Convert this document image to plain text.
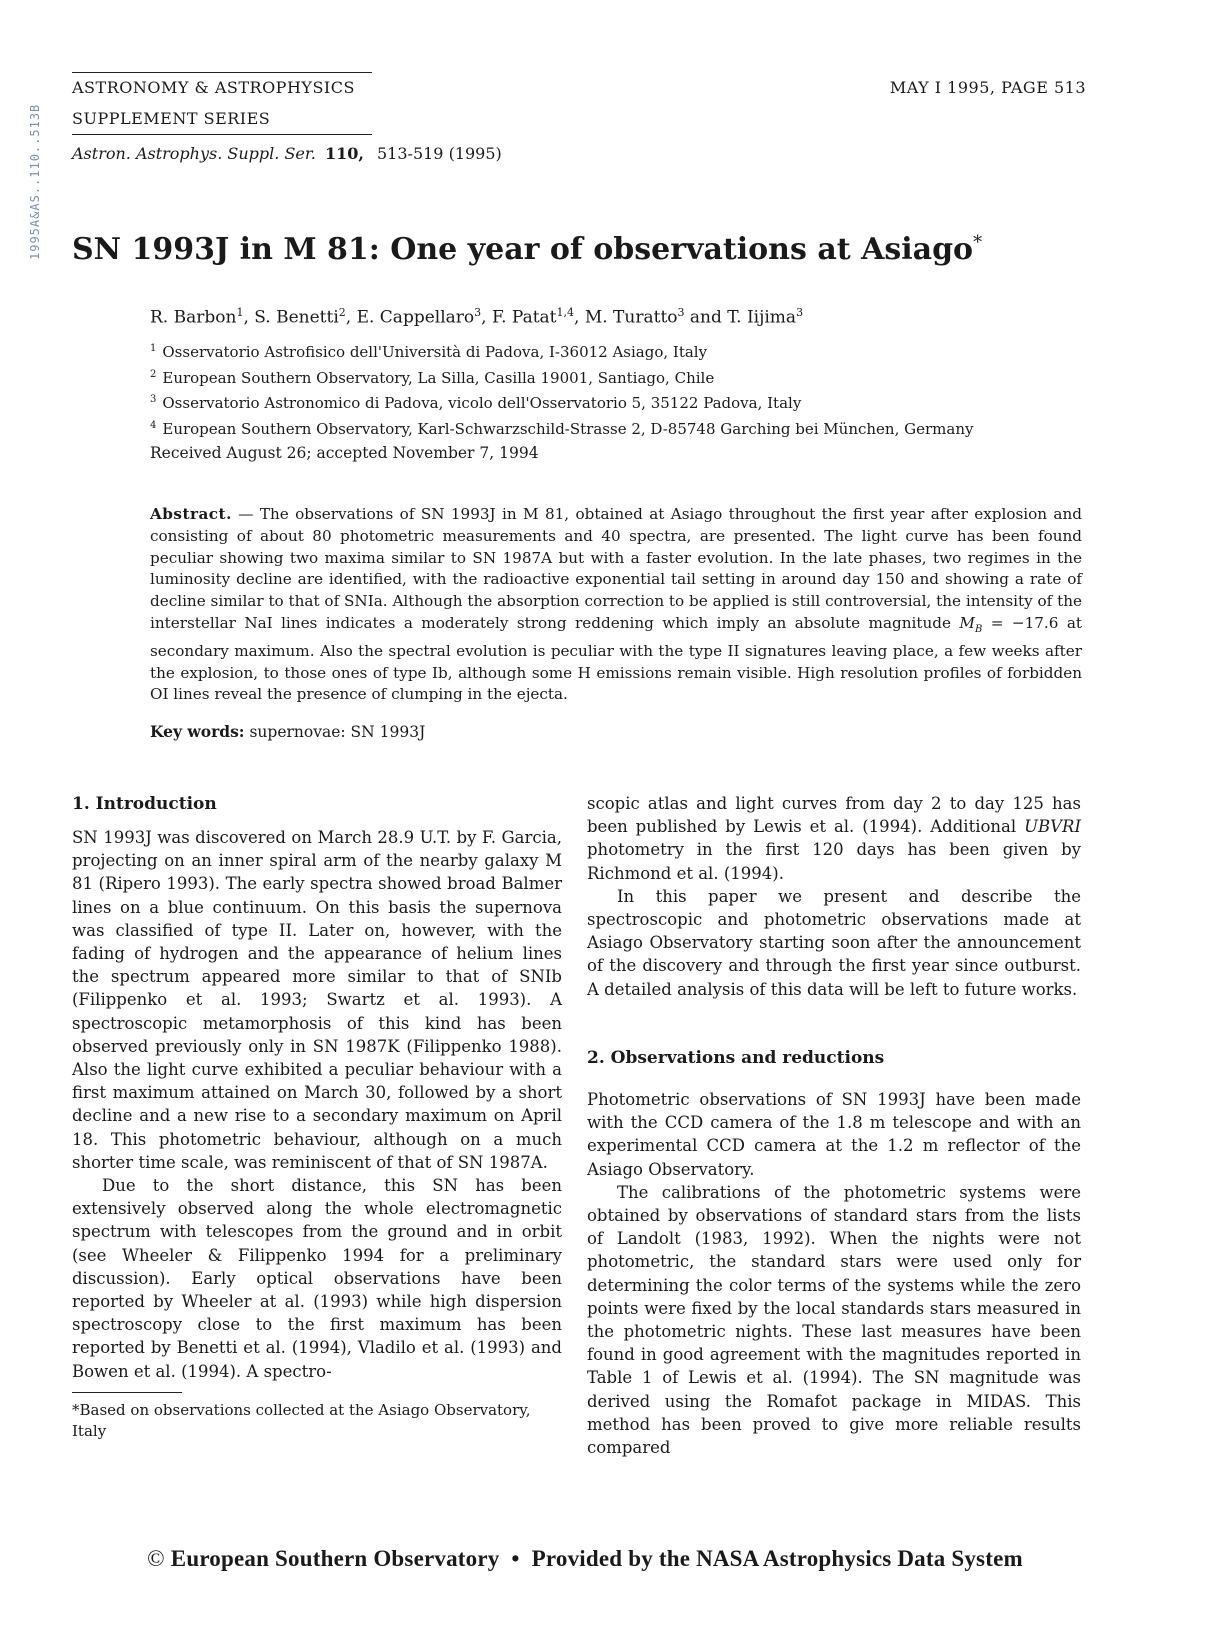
1995A&AS..110..513B
ASTRONOMY & ASTROPHYSICS
SUPPLEMENT SERIES
MAY I 1995, PAGE 513
Astron. Astrophys. Suppl. Ser. 110, 513-519 (1995)
SN 1993J in M 81: One year of observations at Asiago*
R. Barbon$^1$, S. Benetti$^2$, E. Cappellaro$^3$, F. Patat$^{1,4}$, M. Turatto$^3$ and T. Iijima$^3$
$^1$ Osservatorio Astrofisico dell'Università di Padova, I-36012 Asiago, Italy
$^2$ European Southern Observatory, La Silla, Casilla 19001, Santiago, Chile
$^3$ Osservatorio Astronomico di Padova, vicolo dell'Osservatorio 5, 35122 Padova, Italy
$^4$ European Southern Observatory, Karl-Schwarzschild-Strasse 2, D-85748 Garching bei München, Germany
Received August 26; accepted November 7, 1994
Abstract. — The observations of SN 1993J in M 81, obtained at Asiago throughout the first year after explosion and consisting of about 80 photometric measurements and 40 spectra, are presented. The light curve has been found peculiar showing two maxima similar to SN 1987A but with a faster evolution. In the late phases, two regimes in the luminosity decline are identified, with the radioactive exponential tail setting in around day 150 and showing a rate of decline similar to that of SNIa. Although the absorption correction to be applied is still controversial, the intensity of the interstellar NaI lines indicates a moderately strong reddening which imply an absolute magnitude $M_B = -17.6$ at secondary maximum. Also the spectral evolution is peculiar with the type II signatures leaving place, a few weeks after the explosion, to those ones of type Ib, although some H emissions remain visible. High resolution profiles of forbidden OI lines reveal the presence of clumping in the ejecta.
Key words: supernovae: SN 1993J
1. Introduction

SN 1993J was discovered on March 28.9 U.T. by F. Garcia, projecting on an inner spiral arm of the nearby galaxy M 81 (Ripero 1993). The early spectra showed broad Balmer lines on a blue continuum. On this basis the supernova was classified of type II. Later on, however, with the fading of hydrogen and the appearance of helium lines the spectrum appeared more similar to that of SNIb (Filippenko et al. 1993; Swartz et al. 1993). A spectroscopic metamorphosis of this kind has been observed previously only in SN 1987K (Filippenko 1988). Also the light curve exhibited a peculiar behaviour with a first maximum attained on March 30, followed by a short decline and a new rise to a secondary maximum on April 18. This photometric behaviour, although on a much shorter time scale, was reminiscent of that of SN 1987A.

Due to the short distance, this SN has been extensively observed along the whole electromagnetic spectrum with telescopes from the ground and in orbit (see Wheeler & Filippenko 1994 for a preliminary discussion). Early optical observations have been reported by Wheeler at al. (1993) while high dispersion spectroscopy close to the first maximum has been reported by Benetti et al. (1994), Vladilo et al. (1993) and Bowen et al. (1994). A spectro-

*Based on observations collected at the Asiago Observatory, Italy

scopic atlas and light curves from day 2 to day 125 has been published by Lewis et al. (1994). Additional UBVRI photometry in the first 120 days has been given by Richmond et al. (1994).

In this paper we present and describe the spectroscopic and photometric observations made at Asiago Observatory starting soon after the announcement of the discovery and through the first year since outburst. A detailed analysis of this data will be left to future works.

2. Observations and reductions

Photometric observations of SN 1993J have been made with the CCD camera of the 1.8 m telescope and with an experimental CCD camera at the 1.2 m reflector of the Asiago Observatory.

The calibrations of the photometric systems were obtained by observations of standard stars from the lists of Landolt (1983, 1992). When the nights were not photometric, the standard stars were used only for determining the color terms of the systems while the zero points were fixed by the local standards stars measured in the photometric nights. These last measures have been found in good agreement with the magnitudes reported in Table 1 of Lewis et al. (1994). The SN magnitude was derived using the Romafot package in MIDAS. This method has been proved to give more reliable results compared

© European Southern Observatory • Provided by the NASA Astrophysics Data System
